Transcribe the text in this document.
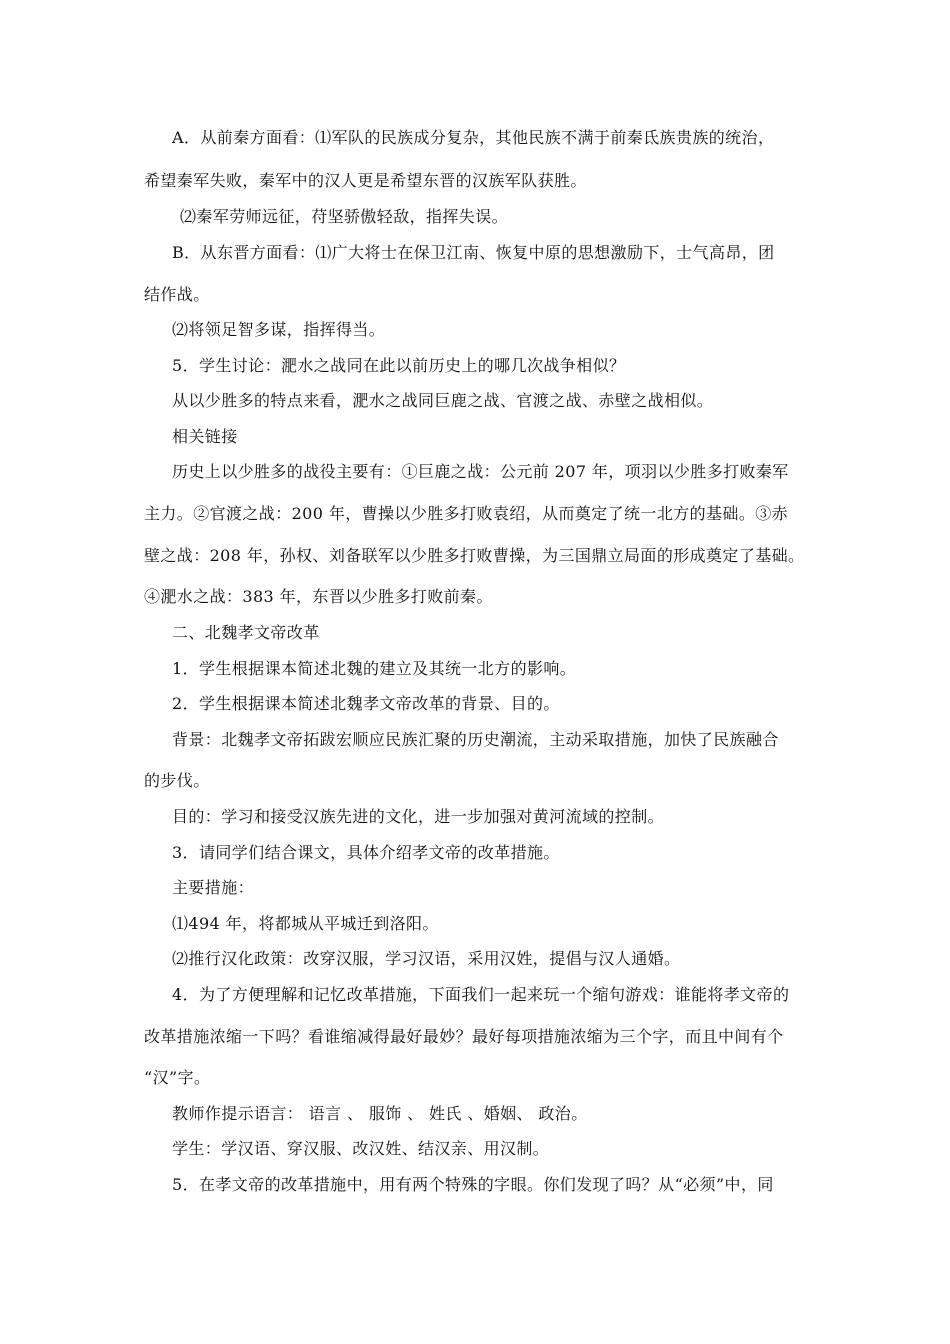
A．从前秦方面看：⑴军队的民族成分复杂，其他民族不满于前秦氐族贵族的统治，
希望秦军失败，秦军中的汉人更是希望东晋的汉族军队获胜。
⑵秦军劳师远征，苻坚骄傲轻敌，指挥失误。
B．从东晋方面看：⑴广大将士在保卫江南、恢复中原的思想激励下，士气高昂，团
结作战。
⑵将领足智多谋，指挥得当。
5．学生讨论：淝水之战同在此以前历史上的哪几次战争相似？
从以少胜多的特点来看，淝水之战同巨鹿之战、官渡之战、赤壁之战相似。
相关链接
历史上以少胜多的战役主要有：①巨鹿之战：公元前 207 年，项羽以少胜多打败秦军
主力。②官渡之战：200 年，曹操以少胜多打败袁绍，从而奠定了统一北方的基础。③赤
壁之战：208 年，孙权、刘备联军以少胜多打败曹操，为三国鼎立局面的形成奠定了基础。
④淝水之战：383 年，东晋以少胜多打败前秦。
二、北魏孝文帝改革
1．学生根据课本简述北魏的建立及其统一北方的影响。
2．学生根据课本简述北魏孝文帝改革的背景、目的。
背景：北魏孝文帝拓跋宏顺应民族汇聚的历史潮流，主动采取措施，加快了民族融合
的步伐。
目的：学习和接受汉族先进的文化，进一步加强对黄河流域的控制。
3．请同学们结合课文，具体介绍孝文帝的改革措施。
主要措施：
⑴494 年，将都城从平城迁到洛阳。
⑵推行汉化政策：改穿汉服，学习汉语，采用汉姓，提倡与汉人通婚。
4．为了方便理解和记忆改革措施，下面我们一起来玩一个缩句游戏：谁能将孝文帝的
改革措施浓缩一下吗？看谁缩减得最好最妙？最好每项措施浓缩为三个字，而且中间有个
“汉”字。
教师作提示语言： 语言 、 服饰 、 姓氏 、婚姻、 政治。
学生：学汉语、穿汉服、改汉姓、结汉亲、用汉制。
5．在孝文帝的改革措施中，用有两个特殊的字眼。你们发现了吗？从“必须”中，同
